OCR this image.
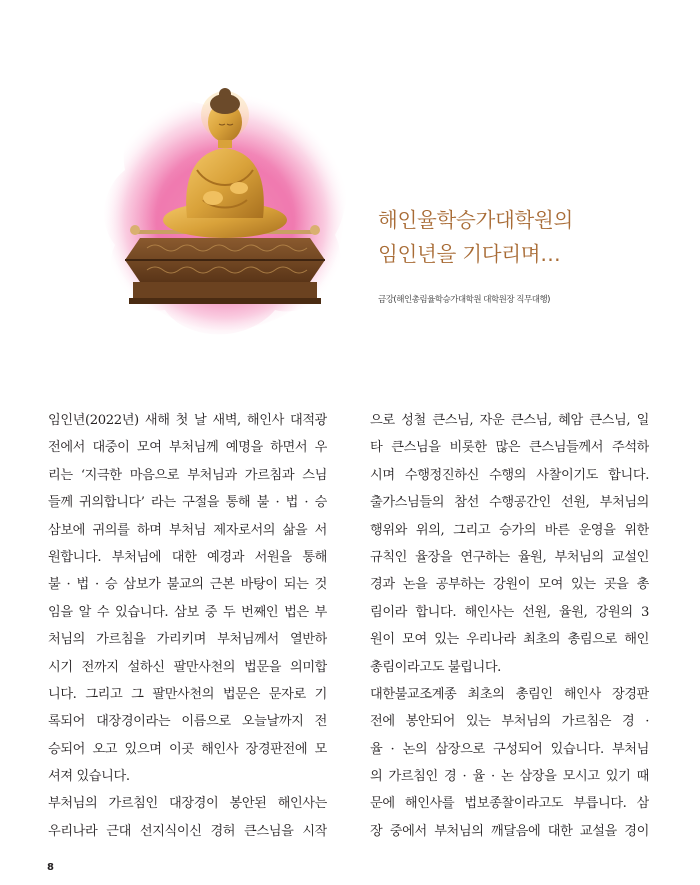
해인율학승가대학원의
임인년을 기다리며…
금강(해인총림율학승가대학원 대학원장 직무대행)
임인년(2022년) 새해 첫 날 새벽, 해인사 대적광
전에서 대중이 모여 부처님께 예명을 하면서 우
리는 ‘지극한 마음으로 부처님과 가르침과 스님
들께 귀의합니다’ 라는 구절을 통해 불 · 법 · 승
삼보에 귀의를 하며 부처님 제자로서의 삶을 서
원합니다. 부처님에 대한 예경과 서원을 통해
불 · 법 · 승 삼보가 불교의 근본 바탕이 되는 것
임을 알 수 있습니다. 삼보 중 두 번째인 법은 부
처님의 가르침을 가리키며 부처님께서 열반하
시기 전까지 설하신 팔만사천의 법문을 의미합
니다. 그리고 그 팔만사천의 법문은 문자로 기
록되어 대장경이라는 이름으로 오늘날까지 전
승되어 오고 있으며 이곳 해인사 장경판전에 모
셔져 있습니다.
부처님의 가르침인 대장경이 봉안된 해인사는
우리나라 근대 선지식이신 경허 큰스님을 시작
으로 성철 큰스님, 자운 큰스님, 혜암 큰스님, 일
타 큰스님을 비롯한 많은 큰스님들께서 주석하
시며 수행정진하신 수행의 사찰이기도 합니다.
출가스님들의 참선 수행공간인 선원, 부처님의
행위와 위의, 그리고 승가의 바른 운영을 위한
규칙인 율장을 연구하는 율원, 부처님의 교설인
경과 논을 공부하는 강원이 모여 있는 곳을 총
림이라 합니다. 해인사는 선원, 율원, 강원의 3
원이 모여 있는 우리나라 최초의 총림으로 해인
총림이라고도 불립니다.
대한불교조계종 최초의 총림인 해인사 장경판
전에 봉안되어 있는 부처님의 가르침은 경 ·
율 · 논의 삼장으로 구성되어 있습니다. 부처님
의 가르침인 경 · 율 · 논 삼장을 모시고 있기 때
문에 해인사를 법보종찰이라고도 부릅니다. 삼
장 중에서 부처님의 깨달음에 대한 교설을 경이
8
